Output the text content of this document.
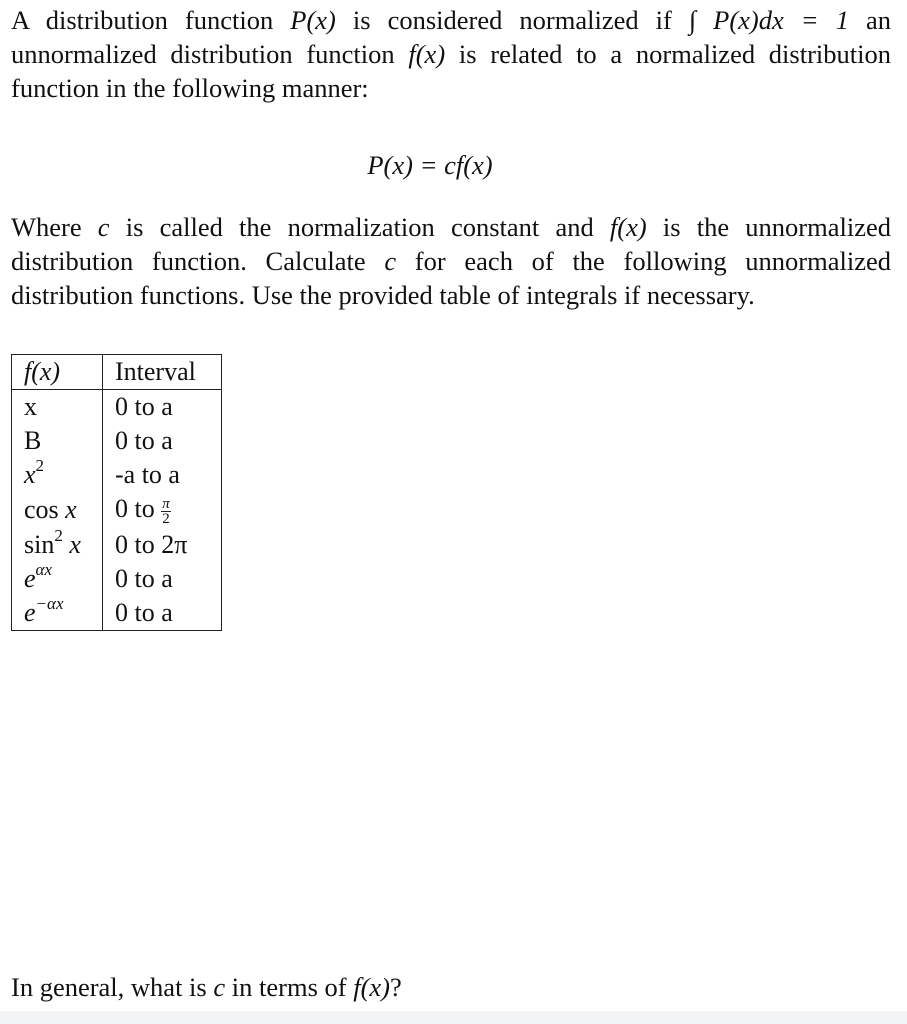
A distribution function P(x) is considered normalized if ∫ P(x)dx = 1 an unnormalized distribution function f(x) is related to a normalized distribution function in the following manner:

P(x) = cf(x)

Where c is called the normalization constant and f(x) is the unnormalized distribution function. Calculate c for each of the following unnormalized distribution functions. Use the provided table of integrals if necessary.

f(x)	Interval
x	0 to a
B	0 to a
$x^2$	-a to a
cos x	0 to $\frac{\pi}{2}$

$\sin^2 x$	0 to 2π
$e^{\alpha x}$	0 to a
$e^{-\alpha x}$	0 to a

In general, what is c in terms of f(x)?
